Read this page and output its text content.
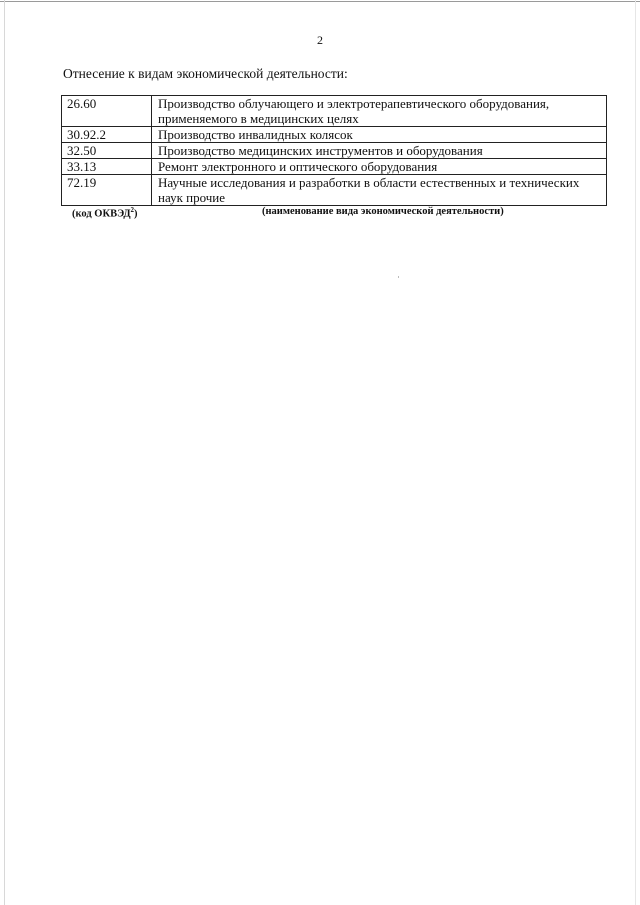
2
Отнесение к видам экономической деятельности:
26.60	Производство облучающего и электротерапевтического оборудования, применяемого в медицинских целях
30.92.2	Производство инвалидных колясок
32.50	Производство медицинских инструментов и оборудования
33.13	Ремонт электронного и оптического оборудования
72.19	Научные исследования и разработки в области естественных и технических наук прочие
(код ОКВЭД$^2$)	(наименование вида экономической деятельности)
